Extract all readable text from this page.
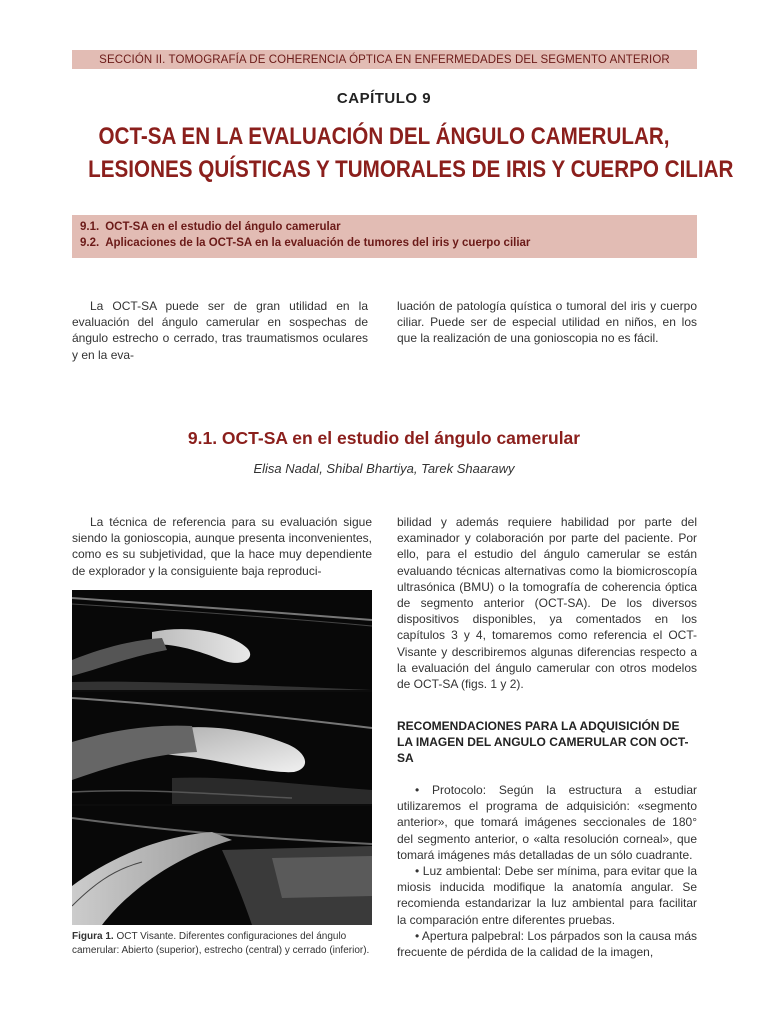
SECCIÓN II. TOMOGRAFÍA DE COHERENCIA ÓPTICA EN ENFERMEDADES DEL SEGMENTO ANTERIOR
CAPÍTULO 9
OCT-SA EN LA EVALUACIÓN DEL ÁNGULO CAMERULAR,
LESIONES QUÍSTICAS Y TUMORALES DE IRIS Y CUERPO CILIAR
9.1. OCT-SA en el estudio del ángulo camerular
9.2. Aplicaciones de la OCT-SA en la evaluación de tumores del iris y cuerpo ciliar
La OCT-SA puede ser de gran utilidad en la evaluación del ángulo camerular en sospechas de ángulo estrecho o cerrado, tras traumatismos oculares y en la eva-
luación de patología quística o tumoral del iris y cuerpo ciliar. Puede ser de especial utilidad en niños, en los que la realización de una gonioscopia no es fácil.
9.1. OCT-SA en el estudio del ángulo camerular
Elisa Nadal, Shibal Bhartiya, Tarek Shaarawy
La técnica de referencia para su evaluación sigue siendo la gonioscopia, aunque presenta inconvenientes, como es su subjetividad, que la hace muy dependiente de explorador y la consiguiente baja reproduci-
bilidad y además requiere habilidad por parte del examinador y colaboración por parte del paciente. Por ello, para el estudio del ángulo camerular se están evaluando técnicas alternativas como la biomicroscopía ultrasónica (BMU) o la tomografía de coherencia óptica de segmento anterior (OCT-SA). De los diversos dispositivos disponibles, ya comentados en los capítulos 3 y 4, tomaremos como referencia el OCT-Visante y describiremos algunas diferencias respecto a la evaluación del ángulo camerular con otros modelos de OCT-SA (figs. 1 y 2).
Figura 1. OCT Visante. Diferentes configuraciones del ángulo camerular: Abierto (superior), estrecho (central) y cerrado (inferior).
RECOMENDACIONES PARA LA ADQUISICIÓN DE LA IMAGEN DEL ANGULO CAMERULAR CON OCT-SA

• Protocolo: Según la estructura a estudiar utilizaremos el programa de adquisición: «segmento anterior», que tomará imágenes seccionales de 180° del segmento anterior, o «alta resolución corneal», que tomará imágenes más detalladas de un sólo cuadrante.

• Luz ambiental: Debe ser mínima, para evitar que la miosis inducida modifique la anatomía angular. Se recomienda estandarizar la luz ambiental para facilitar la comparación entre diferentes pruebas.

• Apertura palpebral: Los párpados son la causa más frecuente de pérdida de la calidad de la imagen,
